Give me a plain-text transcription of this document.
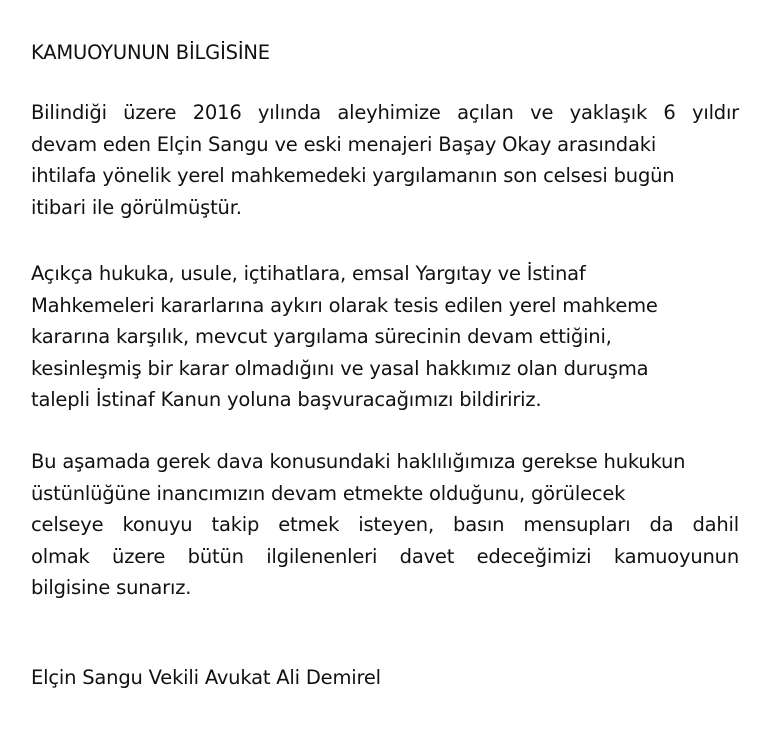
KAMUOYUNUN BİLGİSİNE

Bilindiği üzere 2016 yılında aleyhimize açılan ve yaklaşık 6 yıldır
devam eden Elçin Sangu ve eski menajeri Başay Okay arasındaki
ihtilafa yönelik yerel mahkemedeki yargılamanın son celsesi bugün
itibari ile görülmüştür.
Açıkça hukuka, usule, içtihatlara, emsal Yargıtay ve İstinaf
Mahkemeleri kararlarına aykırı olarak tesis edilen yerel mahkeme
kararına karşılık, mevcut yargılama sürecinin devam ettiğini,
kesinleşmiş bir karar olmadığını ve yasal hakkımız olan duruşma
talepli İstinaf Kanun yoluna başvuracağımızı bildiririz.
Bu aşamada gerek dava konusundaki haklılığımıza gerekse hukukun
üstünlüğüne inancımızın devam etmekte olduğunu, görülecek
celseye konuyu takip etmek isteyen, basın mensupları da dahil
olmak üzere bütün ilgilenenleri davet edeceğimizi kamuoyunun
bilgisine sunarız.

Elçin Sangu Vekili Avukat Ali Demirel
